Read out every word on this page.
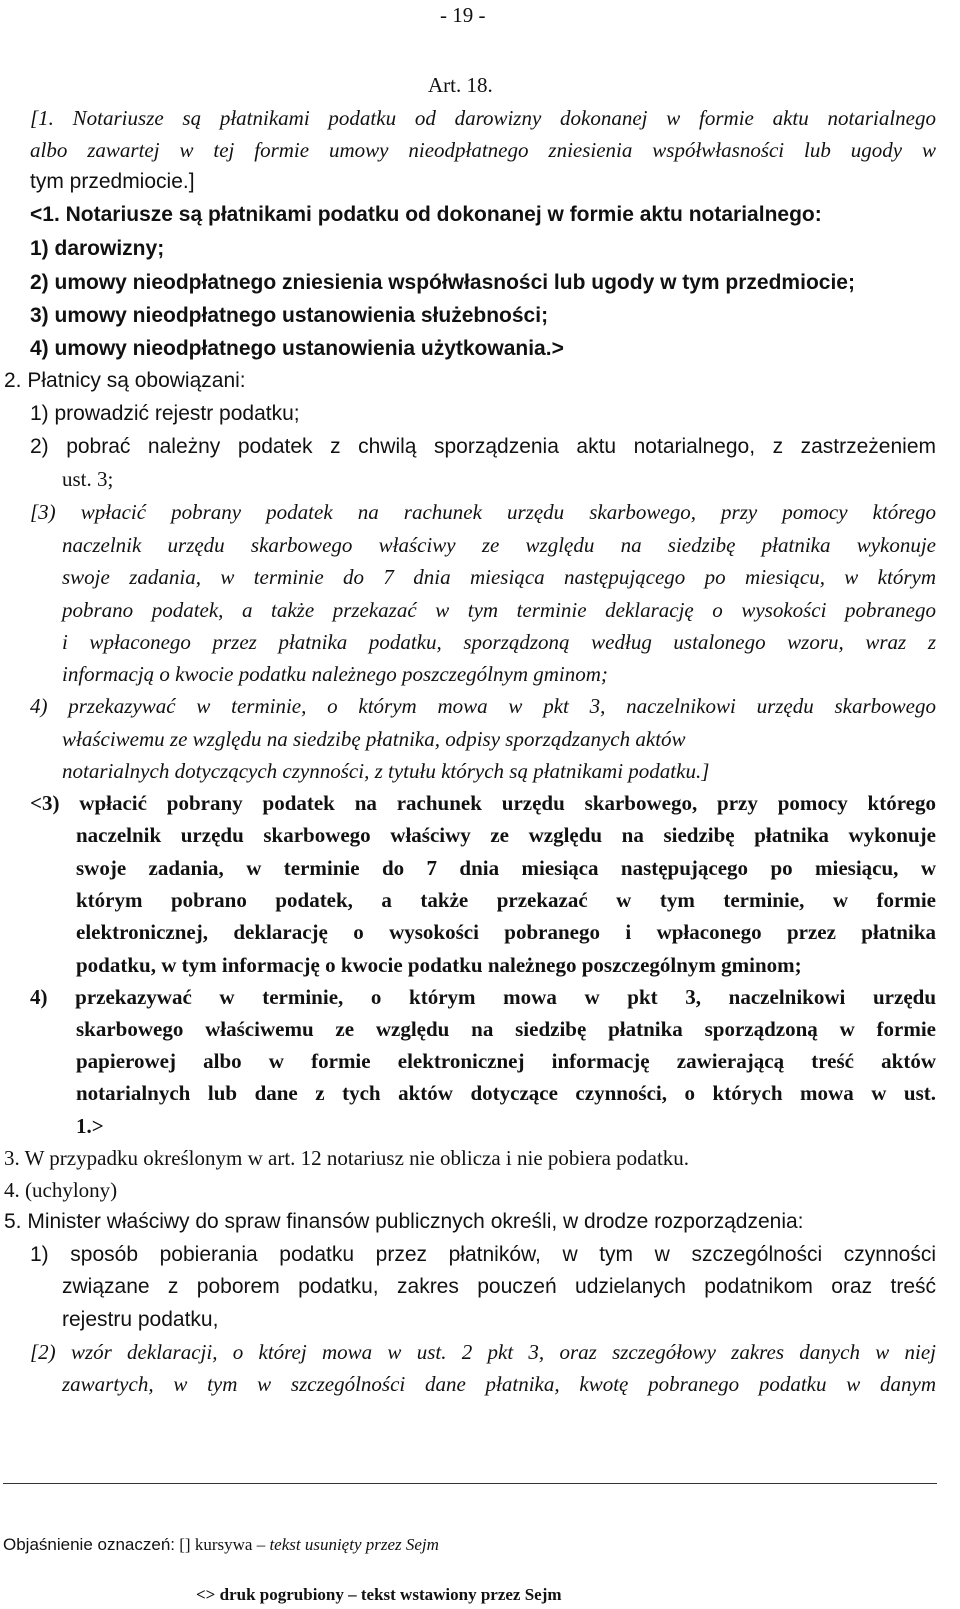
- 19 -
Art. 18.
[1. Notariusze są płatnikami podatku od darowizny dokonanej w formie aktu notarialnego
albo zawartej w tej formie umowy nieodpłatnego zniesienia współwłasności lub ugody w
tym przedmiocie.]
<1. Notariusze są płatnikami podatku od dokonanej w formie aktu notarialnego:
1) darowizny;
2) umowy nieodpłatnego zniesienia współwłasności lub ugody w tym przedmiocie;
3) umowy nieodpłatnego ustanowienia służebności;
4) umowy nieodpłatnego ustanowienia użytkowania.>
2. Płatnicy są obowiązani:
1) prowadzić rejestr podatku;
2) pobrać należny podatek z chwilą sporządzenia aktu notarialnego, z zastrzeżeniem
ust. 3;
[3) wpłacić pobrany podatek na rachunek urzędu skarbowego, przy pomocy którego
naczelnik urzędu skarbowego właściwy ze względu na siedzibę płatnika wykonuje
swoje zadania, w terminie do 7 dnia miesiąca następującego po miesiącu, w którym
pobrano podatek, a także przekazać w tym terminie deklarację o wysokości pobranego
i wpłaconego przez płatnika podatku, sporządzoną według ustalonego wzoru, wraz z
informacją o kwocie podatku należnego poszczególnym gminom;
4) przekazywać w terminie, o którym mowa w pkt 3, naczelnikowi urzędu skarbowego
właściwemu ze względu na siedzibę płatnika, odpisy sporządzanych aktów
notarialnych dotyczących czynności, z tytułu których są płatnikami podatku.]
<3) wpłacić pobrany podatek na rachunek urzędu skarbowego, przy pomocy którego
naczelnik urzędu skarbowego właściwy ze względu na siedzibę płatnika wykonuje
swoje zadania, w terminie do 7 dnia miesiąca następującego po miesiącu, w
którym pobrano podatek, a także przekazać w tym terminie, w formie
elektronicznej, deklarację o wysokości pobranego i wpłaconego przez płatnika
podatku, w tym informację o kwocie podatku należnego poszczególnym gminom;
4) przekazywać w terminie, o którym mowa w pkt 3, naczelnikowi urzędu
skarbowego właściwemu ze względu na siedzibę płatnika sporządzoną w formie
papierowej albo w formie elektronicznej informację zawierającą treść aktów
notarialnych lub dane z tych aktów dotyczące czynności, o których mowa w ust.
1.>
3. W przypadku określonym w art. 12 notariusz nie oblicza i nie pobiera podatku.
4. (uchylony)
5. Minister właściwy do spraw finansów publicznych określi, w drodze rozporządzenia:
1) sposób pobierania podatku przez płatników, w tym w szczególności czynności
związane z poborem podatku, zakres pouczeń udzielanych podatnikom oraz treść
rejestru podatku,
[2) wzór deklaracji, o której mowa w ust. 2 pkt 3, oraz szczegółowy zakres danych w niej
zawartych, w tym w szczególności dane płatnika, kwotę pobranego podatku w danym
Objaśnienie oznaczeń: [] kursywa – tekst usunięty przez Sejm
<> druk pogrubiony – tekst wstawiony przez Sejm
